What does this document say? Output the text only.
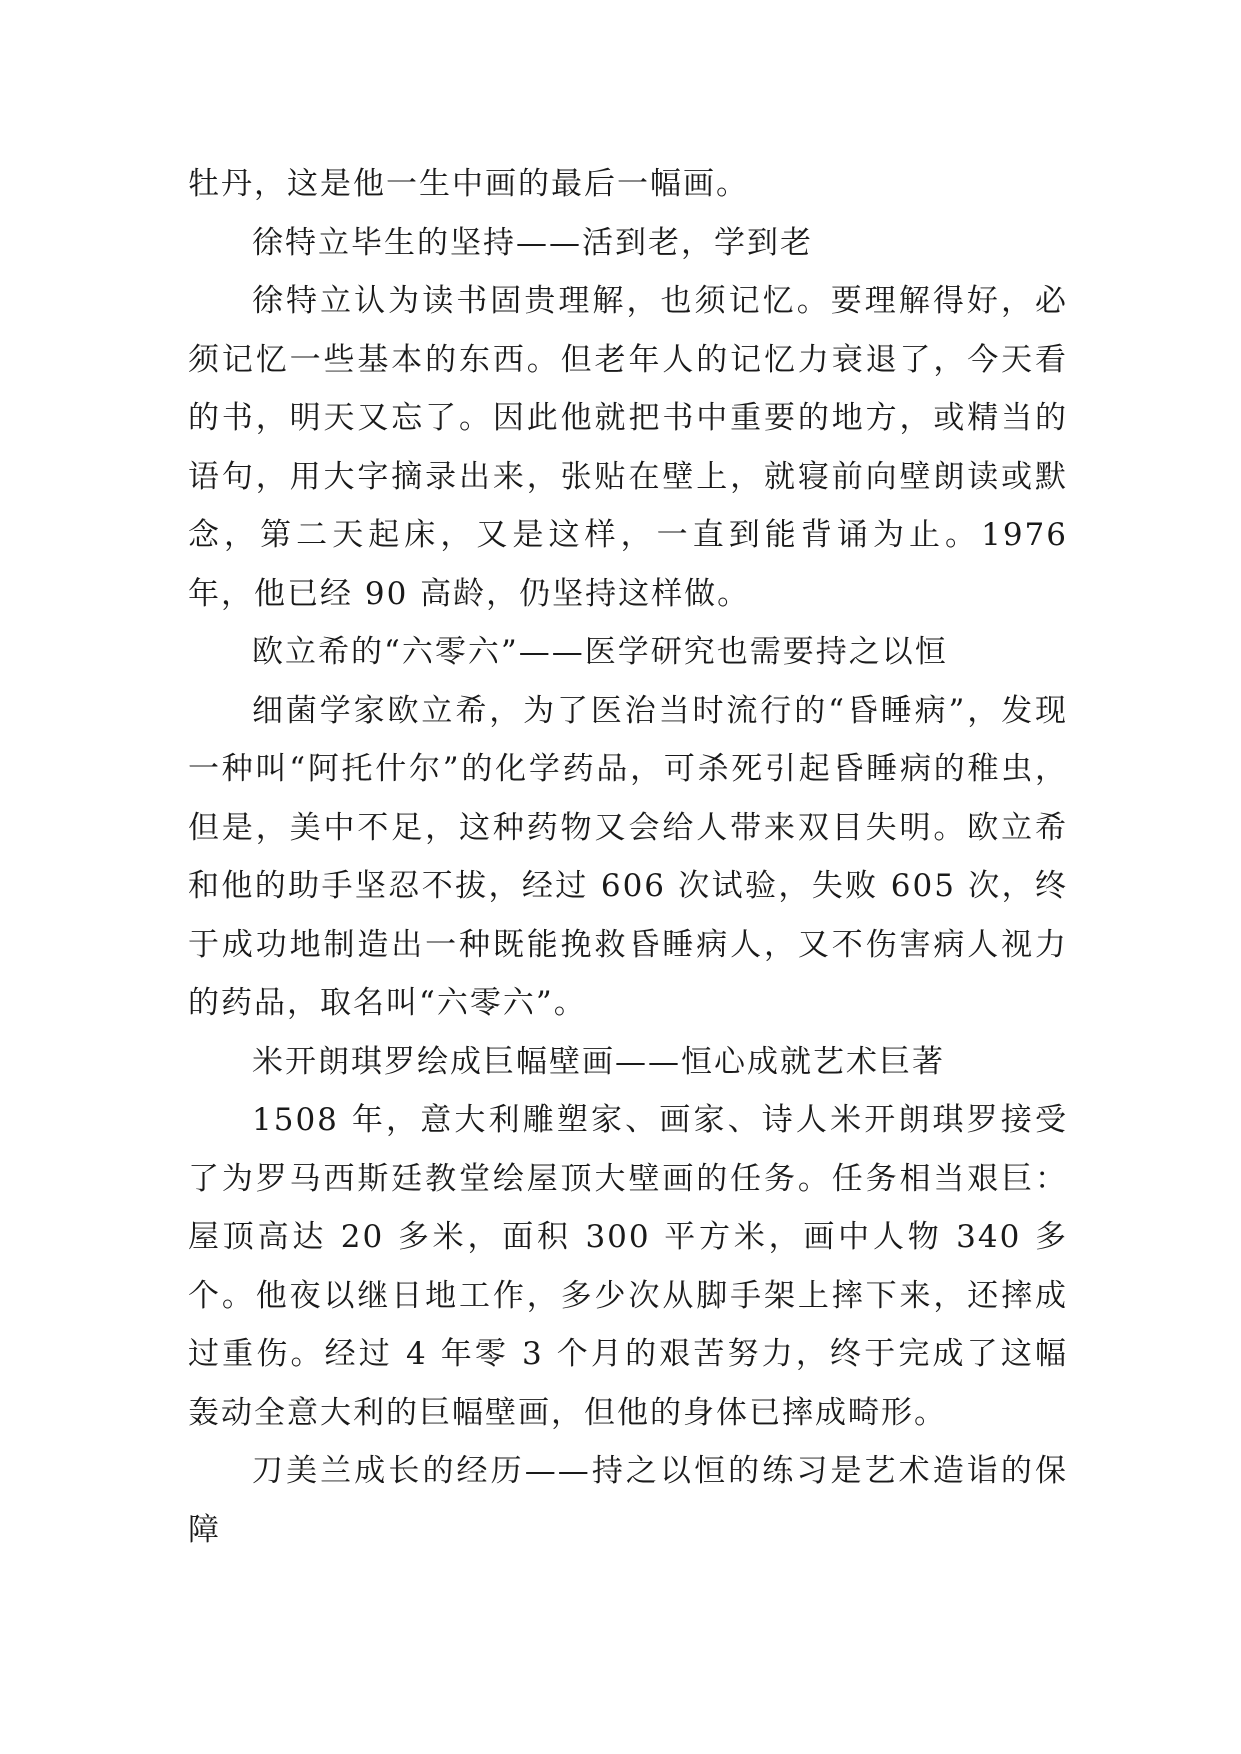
牡丹，这是他一生中画的最后一幅画。

徐特立毕生的坚持——活到老，学到老

徐特立认为读书固贵理解，也须记忆。要理解得好，必须记忆一些基本的东西。但老年人的记忆力衰退了，今天看的书，明天又忘了。因此他就把书中重要的地方，或精当的语句，用大字摘录出来，张贴在壁上，就寝前向壁朗读或默念，第二天起床，又是这样，一直到能背诵为止。1976 年，他已经 90 高龄，仍坚持这样做。

欧立希的“六零六”——医学研究也需要持之以恒

细菌学家欧立希，为了医治当时流行的“昏睡病”，发现一种叫“阿托什尔”的化学药品，可杀死引起昏睡病的稚虫，但是，美中不足，这种药物又会给人带来双目失明。欧立希和他的助手坚忍不拔，经过 606 次试验，失败 605 次，终于成功地制造出一种既能挽救昏睡病人，又不伤害病人视力的药品，取名叫“六零六”。

米开朗琪罗绘成巨幅壁画——恒心成就艺术巨著

1508 年，意大利雕塑家、画家、诗人米开朗琪罗接受了为罗马西斯廷教堂绘屋顶大壁画的任务。任务相当艰巨：屋顶高达 20 多米，面积 300 平方米，画中人物 340 多个。他夜以继日地工作，多少次从脚手架上摔下来，还摔成过重伤。经过 4 年零 3 个月的艰苦努力，终于完成了这幅轰动全意大利的巨幅壁画，但他的身体已摔成畸形。

刀美兰成长的经历——持之以恒的练习是艺术造诣的保障
